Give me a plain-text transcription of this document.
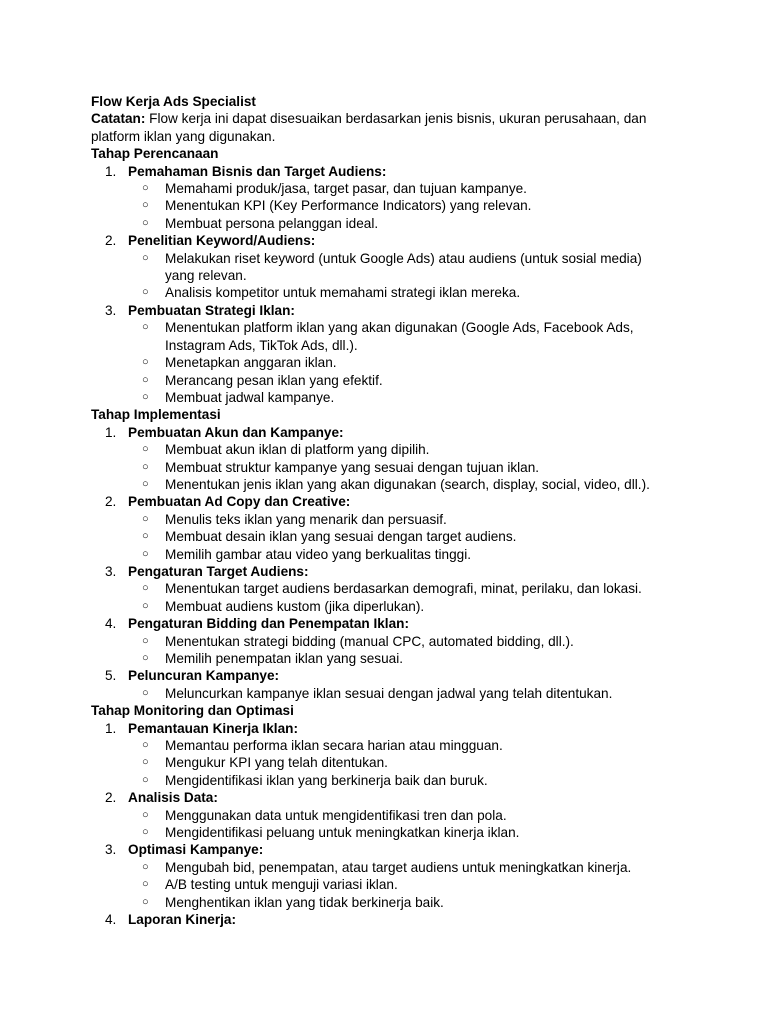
Flow Kerja Ads Specialist

Catatan: Flow kerja ini dapat disesuaikan berdasarkan jenis bisnis, ukuran perusahaan, dan platform iklan yang digunakan.

Tahap Perencanaan

1. Pemahaman Bisnis dan Target Audiens:
○ Memahami produk/jasa, target pasar, dan tujuan kampanye.
○ Menentukan KPI (Key Performance Indicators) yang relevan.
○ Membuat persona pelanggan ideal.
2. Penelitian Keyword/Audiens:
○ Melakukan riset keyword (untuk Google Ads) atau audiens (untuk sosial media) yang relevan.
○ Analisis kompetitor untuk memahami strategi iklan mereka.
3. Pembuatan Strategi Iklan:
○ Menentukan platform iklan yang akan digunakan (Google Ads, Facebook Ads, Instagram Ads, TikTok Ads, dll.).
○ Menetapkan anggaran iklan.
○ Merancang pesan iklan yang efektif.
○ Membuat jadwal kampanye.

Tahap Implementasi

1. Pembuatan Akun dan Kampanye:
○ Membuat akun iklan di platform yang dipilih.
○ Membuat struktur kampanye yang sesuai dengan tujuan iklan.
○ Menentukan jenis iklan yang akan digunakan (search, display, social, video, dll.).
2. Pembuatan Ad Copy dan Creative:
○ Menulis teks iklan yang menarik dan persuasif.
○ Membuat desain iklan yang sesuai dengan target audiens.
○ Memilih gambar atau video yang berkualitas tinggi.
3. Pengaturan Target Audiens:
○ Menentukan target audiens berdasarkan demografi, minat, perilaku, dan lokasi.
○ Membuat audiens kustom (jika diperlukan).
4. Pengaturan Bidding dan Penempatan Iklan:
○ Menentukan strategi bidding (manual CPC, automated bidding, dll.).
○ Memilih penempatan iklan yang sesuai.
5. Peluncuran Kampanye:
○ Meluncurkan kampanye iklan sesuai dengan jadwal yang telah ditentukan.

Tahap Monitoring dan Optimasi

1. Pemantauan Kinerja Iklan:
○ Memantau performa iklan secara harian atau mingguan.
○ Mengukur KPI yang telah ditentukan.
○ Mengidentifikasi iklan yang berkinerja baik dan buruk.
2. Analisis Data:
○ Menggunakan data untuk mengidentifikasi tren dan pola.
○ Mengidentifikasi peluang untuk meningkatkan kinerja iklan.
3. Optimasi Kampanye:
○ Mengubah bid, penempatan, atau target audiens untuk meningkatkan kinerja.
○ A/B testing untuk menguji variasi iklan.
○ Menghentikan iklan yang tidak berkinerja baik.
4. Laporan Kinerja:
